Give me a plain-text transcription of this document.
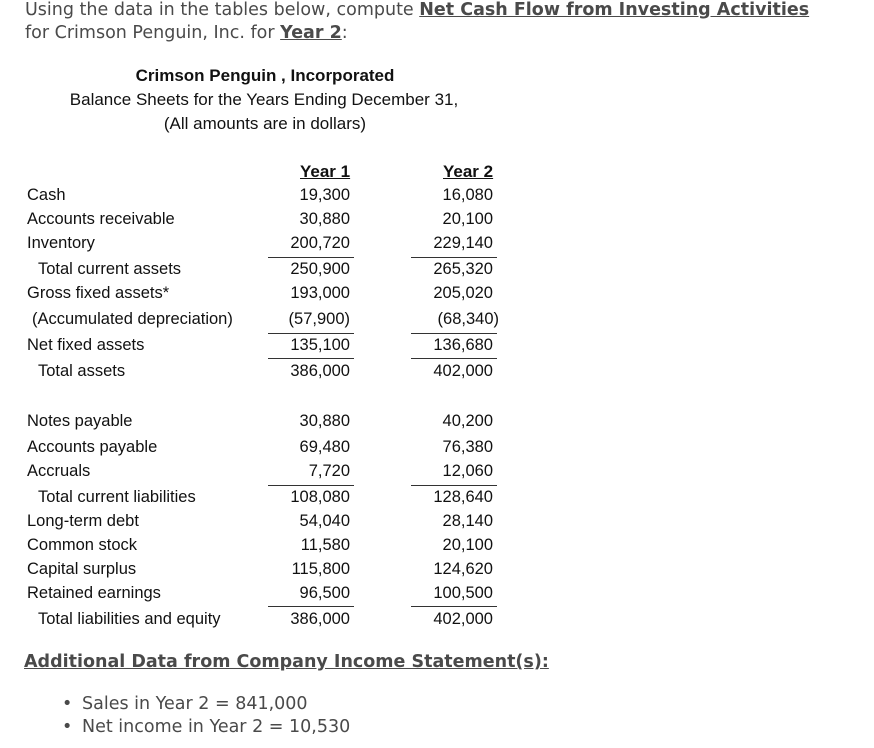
Using the data in the tables below, compute Net Cash Flow from Investing Activities
for Crimson Penguin, Inc. for Year 2:
Crimson Penguin , Incorporated
Balance Sheets for the Years Ending December 31,
(All amounts are in dollars)
Year 1	Year 2
Cash	19,300	16,080
Accounts receivable	30,880	20,100
Inventory	200,720	229,140
Total current assets	250,900	265,320
Gross fixed assets*	193,000	205,020
(Accumulated depreciation)	(57,900)	(68,340)
Net fixed assets	135,100	136,680
Total assets	386,000	402,000
Notes payable	30,880	40,200
Accounts payable	69,480	76,380
Accruals	7,720	12,060
Total current liabilities	108,080	128,640
Long-term debt	54,040	28,140
Common stock	11,580	20,100
Capital surplus	115,800	124,620
Retained earnings	96,500	100,500
Total liabilities and equity	386,000	402,000
Additional Data from Company Income Statement(s):
• Sales in Year 2 = 841,000
• Net income in Year 2 = 10,530
